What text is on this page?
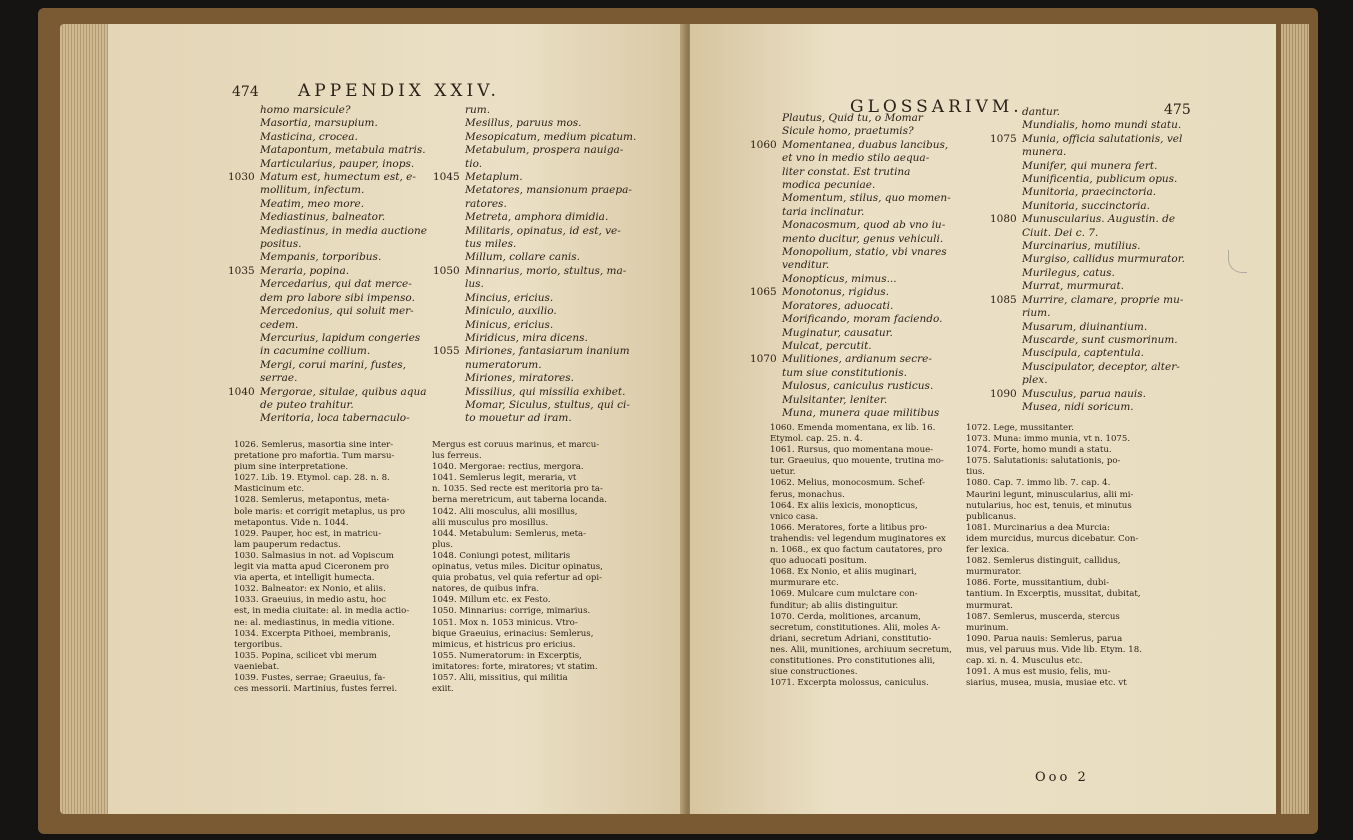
474 APPENDIX XXIV.
homo marsicule?
Masortia, marsupium.
Masticina, crocea.
Matapontum, metabula matris.
Marticularius, pauper, inops.
1030 Matum est, humectum est, e-
mollitum, infectum.
Meatim, meo more.
Mediastinus, balneator.
Mediastinus, in media auctione
positus.
Mempanis, torporibus.
1035 Meraria, popina.
Mercedarius, qui dat merce-
dem pro labore sibi impenso.
Mercedonius, qui soluit mer-
cedem.
Mercurius, lapidum congeries
in cacumine collium.
Mergi, corui marini, fustes,
serrae.
1040 Mergorae, situlae, quibus aqua
de puteo trahitur.
Meritoria, loca tabernaculo-
rum.
Mesillus, paruus mos.
Mesopicatum, medium picatum.
Metabulum, prospera nauiga-
tio.
1045 Metaplum.
Metatores, mansionum praepa-
ratores.
Metreta, amphora dimidia.
Militaris, opinatus, id est, ve-
tus miles.
Millum, collare canis.
1050 Minnarius, morio, stultus, ma-
lus.
Mincius, ericius.
Miniculo, auxilio.
Minicus, ericius.
Miridicus, mira dicens.
1055 Miriones, fantasiarum inanium
numeratorum.
Miriones, miratores.
Missilius, qui missilia exhibet.
Momar, Siculus, stultus, qui ci-
to mouetur ad iram.
1026. Semlerus, masortia sine inter-
pretatione pro mafortia. Tum marsu-
pium sine interpretatione.
1027. Lib. 19. Etymol. cap. 28. n. 8.
Masticinum etc.
1028. Semlerus, metapontus, meta-
bole maris: et corrigit metaplus, us pro
metapontus. Vide n. 1044.
1029. Pauper, hoc est, in matricu-
lam pauperum redactus.
1030. Salmasius in not. ad Vopiscum
legit via matta apud Ciceronem pro
via aperta, et intelligit humecta.
1032. Balneator: ex Nonio, et aliis.
1033. Graeuius, in medio astu, hoc
est, in media ciuitate: al. in media actio-
ne: al. mediastinus, in media vitione.
1034. Excerpta Pithoei, membranis,
tergoribus.
1035. Popina, scilicet vbi merum
vaeniebat.
1039. Fustes, serrae; Graeuius, fa-
ces messorii. Martinius, fustes ferrei.
Mergus est coruus marinus, et marcu-
lus ferreus.
1040. Mergorae: rectius, mergora.
1041. Semlerus legit, meraria, vt
n. 1035. Sed recte est meritoria pro ta-
berna meretricum, aut taberna locanda.
1042. Alii mosculus, alii mosillus,
alii musculus pro mosillus.
1044. Metabulum: Semlerus, meta-
plus.
1048. Coniungi potest, militaris
opinatus, vetus miles. Dicitur opinatus,
quia probatus, vel quia refertur ad opi-
natores, de quibus infra.
1049. Millum etc. ex Festo.
1050. Minnarius: corrige, mimarius.
1051. Mox n. 1053 minicus. Vtro-
bique Graeuius, erinacius: Semlerus,
mimicus, et histricus pro ericius.
1055. Numeratorum: in Excerptis,
imitatores: forte, miratores; vt statim.
1057. Alii, missitius, qui militia
exiit.
GLOSSARIVM.	475
Plautus, Quid tu, o Momar
Sicule homo, praetumis?
1060 Momentanea, duabus lancibus,
et vno in medio stilo aequa-
liter constat. Est trutina
modica pecuniae.
Momentum, stilus, quo momen-
taria inclinatur.
Monacosmum, quod ab vno iu-
mento ducitur, genus vehiculi.
Monopolium, statio, vbi vnares
venditur.
Monopticus, mimus...
1065 Monotonus, rigidus.
Moratores, aduocati.
Morificando, moram faciendo.
Muginatur, causatur.
Mulcat, percutit.
1070 Mulitiones, ardianum secre-
tum siue constitutionis.
Mulosus, caniculus rusticus.
Mulsitanter, leniter.
Muna, munera quae militibus
dantur.
Mundialis, homo mundi statu.
1075 Munia, officia salutationis, vel
munera.
Munifer, qui munera fert.
Munificentia, publicum opus.
Munitoria, praecinctoria.
Munitoria, succinctoria.
1080 Munuscularius. Augustin. de
Ciuit. Dei c. 7.
Murcinarius, mutilius.
Murgiso, callidus murmurator.
Murilegus, catus.
Murrat, murmurat.
1085 Murrire, clamare, proprie mu-
rium.
Musarum, diuinantium.
Muscarde, sunt cusmorinum.
Muscipula, captentula.
Muscipulator, deceptor, alter-
plex.
1090 Musculus, parua nauis.
Musea, nidi soricum.
1060. Emenda momentana, ex lib. 16.
Etymol. cap. 25. n. 4.
1061. Rursus, quo momentana moue-
tur. Graeuius, quo mouente, trutina mo-
uetur.
1062. Melius, monocosmum. Schef-
ferus, monachus.
1064. Ex aliis lexicis, monopticus,
vnico casa.
1066. Meratores, forte a litibus pro-
trahendis: vel legendum muginatores ex
n. 1068., ex quo factum cautatores, pro
quo aduocati positum.
1068. Ex Nonio, et aliis muginari,
murmurare etc.
1069. Mulcare cum mulctare con-
funditur; ab aliis distinguitur.
1070. Cerda, molitiones, arcanum,
secretum, constitutiones. Alii, moles A-
driani, secretum Adriani, constitutio-
nes. Alii, munitiones, archiuum secretum,
constitutiones. Pro constitutiones alii,
siue constructiones.
1071. Excerpta molossus, caniculus.
1072. Lege, mussitanter.
1073. Muna: immo munia, vt n. 1075.
1074. Forte, homo mundi a statu.
1075. Salutationis: salutationis, po-
tius.
1080. Cap. 7. immo lib. 7. cap. 4.
Maurini legunt, minuscularius, alii mi-
nutularius, hoc est, tenuis, et minutus
publicanus.
1081. Murcinarius a dea Murcia:
idem murcidus, murcus dicebatur. Con-
fer lexica.
1082. Semlerus distinguit, callidus,
murmurator.
1086. Forte, mussitantium, dubi-
tantium. In Excerptis, mussitat, dubitat,
murmurat.
1087. Semlerus, muscerda, stercus
murinum.
1090. Parua nauis: Semlerus, parua
mus, vel paruus mus. Vide lib. Etym. 18.
cap. xi. n. 4. Musculus etc.
1091. A mus est musio, felis, mu-
siarius, musea, musia, musiae etc. vt
Ooo 2
